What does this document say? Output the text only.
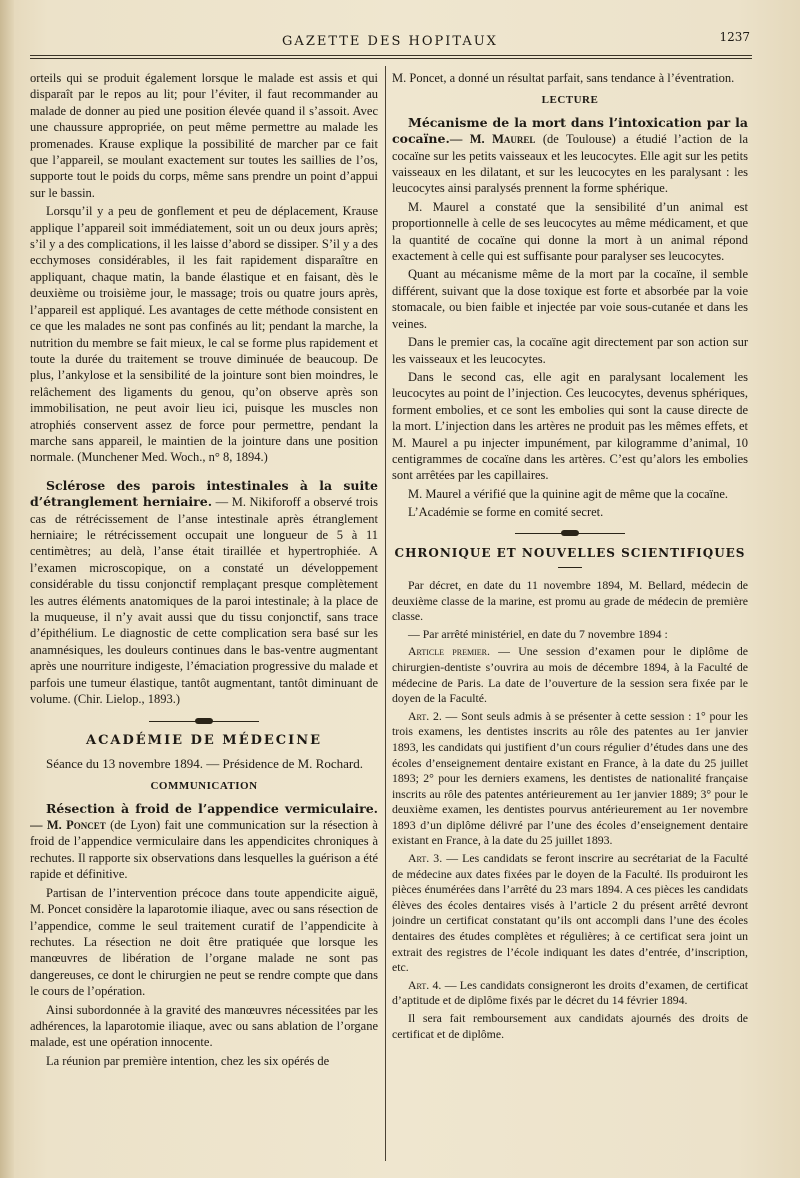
GAZETTE DES HOPITAUX	1237

orteils qui se produit également lorsque le malade est assis et qui disparaît par le repos au lit; pour l’éviter, il faut recommander au malade de donner au pied une position élevée quand il s’assoit. Avec une chaussure appropriée, on peut même permettre au malade les promenades. Krause explique la possibilité de marcher par ce fait que l’appareil, se moulant exactement sur toutes les saillies de l’os, supporte tout le poids du corps, même sans prendre un point d’appui sur le bassin.

Lorsqu’il y a peu de gonflement et peu de déplacement, Krause applique l’appareil soit immédiatement, soit un ou deux jours après; s’il y a des complications, il les laisse d’abord se dissiper. S’il y a des ecchymoses considérables, il les fait rapidement disparaître en appliquant, chaque matin, la bande élastique et en faisant, dès le deuxième ou troisième jour, le massage; trois ou quatre jours après, l’appareil est appliqué. Les avantages de cette méthode consistent en ce que les malades ne sont pas confinés au lit; pendant la marche, la nutrition du membre se fait mieux, le cal se forme plus rapidement et toute la durée du traitement se trouve diminuée de beaucoup. De plus, l’ankylose et la sensibilité de la jointure sont bien moindres, le relâchement des ligaments du genou, qu’on observe après son immobilisation, ne peut avoir lieu ici, puisque les muscles non atrophiés conservent assez de force pour permettre, pendant la marche sans appareil, le maintien de la jointure dans une position normale. (Munchener Med. Woch., n° 8, 1894.)

Sclérose des parois intestinales à la suite d’étranglement herniaire. — M. Nikiforoff a observé trois cas de rétrécissement de l’anse intestinale après étranglement herniaire; le rétrécissement occupait une longueur de 5 à 11 centimètres; au delà, l’anse était tiraillée et hypertrophiée. A l’examen microscopique, on a constaté un développement considérable du tissu conjonctif remplaçant presque complètement les autres éléments anatomiques de la paroi intestinale; à la place de la muqueuse, il n’y avait aussi que du tissu conjonctif, sans trace d’épithélium. Le diagnostic de cette complication sera basé sur les anamnésiques, les douleurs continues dans le bas-ventre augmentant après une nourriture indigeste, l’émaciation progressive du malade et parfois une tumeur élastique, tantôt augmentant, tantôt diminuant de volume. (Chir. Lielop., 1893.)

ACADÉMIE DE MÉDECINE

Séance du 13 novembre 1894. — Présidence de M. Rochard.

COMMUNICATION

Résection à froid de l’appendice vermiculaire.— M. Poncet (de Lyon) fait une communication sur la résection à froid de l’appendice vermiculaire dans les appendicites chroniques à rechutes. Il rapporte six observations dans lesquelles la guérison a été rapide et définitive.

Partisan de l’intervention précoce dans toute appendicite aiguë, M. Poncet considère la laparotomie iliaque, avec ou sans résection de l’appendice, comme le seul traitement curatif de l’appendicite à rechutes. La résection ne doit être pratiquée que lorsque les manœuvres de libération de l’organe malade ne sont pas dangereuses, ce dont le chirurgien ne peut se rendre compte que dans le cours de l’opération.

Ainsi subordonnée à la gravité des manœuvres nécessitées par les adhérences, la laparotomie iliaque, avec ou sans ablation de l’organe malade, est une opération innocente.

La réunion par première intention, chez les six opérés de

M. Poncet, a donné un résultat parfait, sans tendance à l’éventration.

LECTURE

Mécanisme de la mort dans l’intoxication par la cocaïne.— M. Maurel (de Toulouse) a étudié l’action de la cocaïne sur les petits vaisseaux et les leucocytes. Elle agit sur les petits vaisseaux en les dilatant, et sur les leucocytes en les paralysant : les leucocytes ainsi paralysés prennent la forme sphérique.

M. Maurel a constaté que la sensibilité d’un animal est proportionnelle à celle de ses leucocytes au même médicament, et que la quantité de cocaïne qui donne la mort à un animal répond exactement à celle qui est suffisante pour paralyser ses leucocytes.

Quant au mécanisme même de la mort par la cocaïne, il semble différent, suivant que la dose toxique est forte et absorbée par la voie stomacale, ou bien faible et injectée par voie sous-cutanée et dans les veines.

Dans le premier cas, la cocaïne agit directement par son action sur les vaisseaux et les leucocytes.

Dans le second cas, elle agit en paralysant localement les leucocytes au point de l’injection. Ces leucocytes, devenus sphériques, forment embolies, et ce sont les embolies qui sont la cause directe de la mort. L’injection dans les artères ne produit pas les mêmes effets, et M. Maurel a pu injecter impunément, par kilogramme d’animal, 10 centigrammes de cocaïne dans les artères. C’est qu’alors les embolies sont arrêtées par les capillaires.

M. Maurel a vérifié que la quinine agit de même que la cocaïne.

L’Académie se forme en comité secret.

CHRONIQUE ET NOUVELLES SCIENTIFIQUES

Par décret, en date du 11 novembre 1894, M. Bellard, médecin de deuxième classe de la marine, est promu au grade de médecin de première classe.

— Par arrêté ministériel, en date du 7 novembre 1894 :

Article premier. — Une session d’examen pour le diplôme de chirurgien-dentiste s’ouvrira au mois de décembre 1894, à la Faculté de médecine de Paris. La date de l’ouverture de la session sera fixée par le doyen de la Faculté.

Art. 2. — Sont seuls admis à se présenter à cette session : 1° pour les trois examens, les dentistes inscrits au rôle des patentes au 1er janvier 1893, les candidats qui justifient d’un cours régulier d’études dans une des écoles d’enseignement dentaire existant en France, à la date du 25 juillet 1893; 2° pour les derniers examens, les dentistes de nationalité française inscrits au rôle des patentes antérieurement au 1er janvier 1889; 3° pour le deuxième examen, les dentistes pourvus antérieurement au 1er novembre 1893 d’un diplôme délivré par l’une des écoles d’enseignement dentaire existant en France, à la date du 25 juillet 1893.

Art. 3. — Les candidats se feront inscrire au secrétariat de la Faculté de médecine aux dates fixées par le doyen de la Faculté. Ils produiront les pièces énumérées dans l’arrêté du 23 mars 1894. A ces pièces les candidats élèves des écoles dentaires visés à l’article 2 du présent arrêté devront joindre un certificat constatant qu’ils ont accompli dans l’une des écoles dentaires des études complètes et régulières; à ce certificat sera joint un extrait des registres de l’école indiquant les dates d’entrée, d’inscription, etc.

Art. 4. — Les candidats consigneront les droits d’examen, de certificat d’aptitude et de diplôme fixés par le décret du 14 février 1894.

Il sera fait remboursement aux candidats ajournés des droits de certificat et de diplôme.
